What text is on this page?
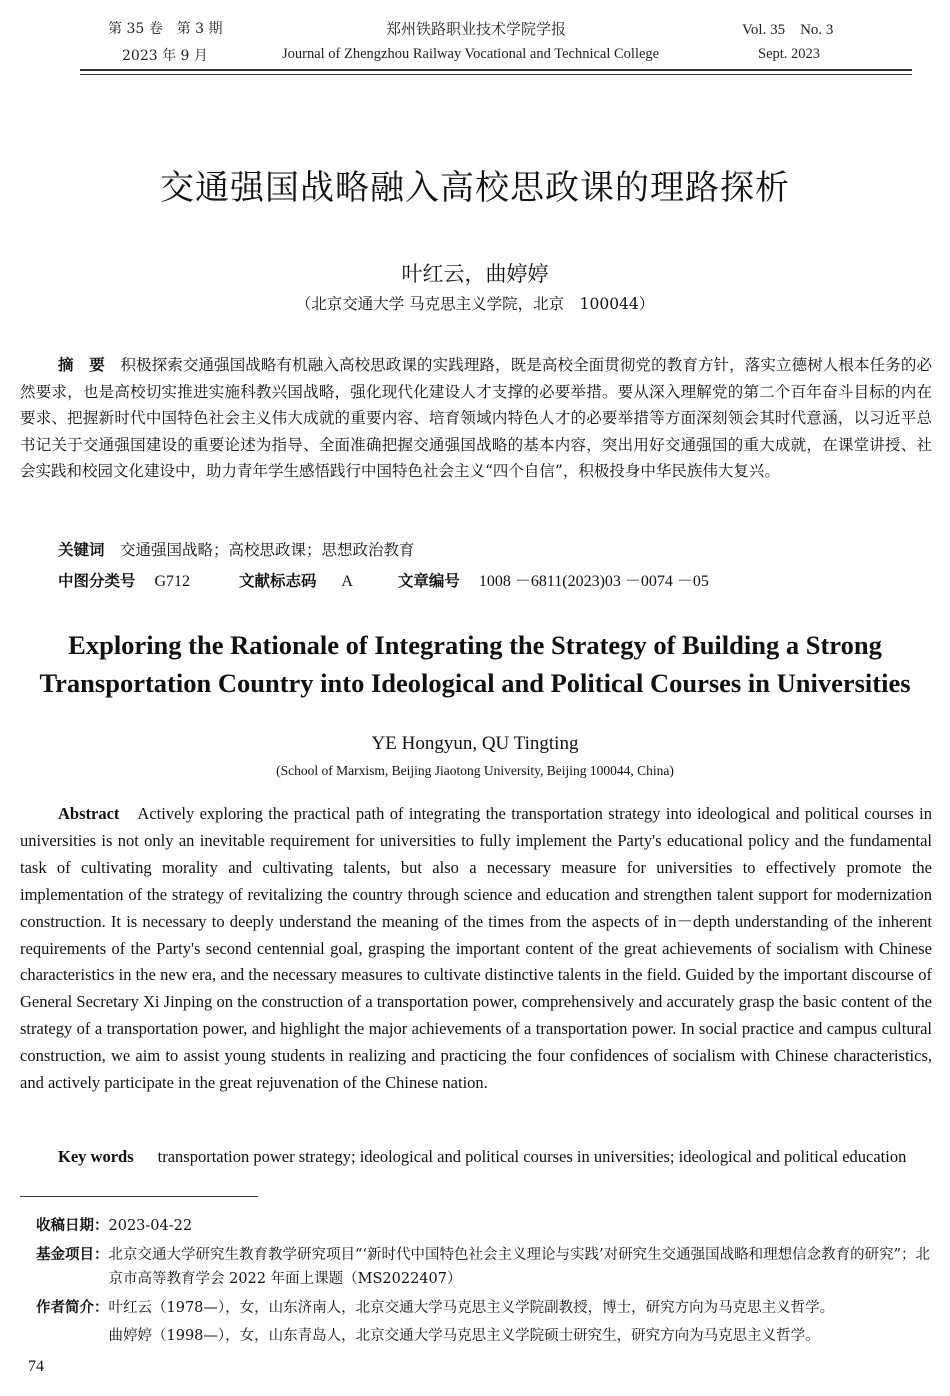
第 35 卷　第 3 期
2023 年 9 月
郑州铁路职业技术学院学报
Journal of Zhengzhou Railway Vocational and Technical College
Vol. 35　No. 3
Sept. 2023
交通强国战略融入高校思政课的理路探析
叶红云，曲婷婷
（北京交通大学 马克思主义学院，北京　100044）
摘　要　 积极探索交通强国战略有机融入高校思政课的实践理路，既是高校全面贯彻党的教育方针，落实立德树人根本任务的必然要求，也是高校切实推进实施科教兴国战略，强化现代化建设人才支撑的必要举措。要从深入理解党的第二个百年奋斗目标的内在要求、把握新时代中国特色社会主义伟大成就的重要内容、培育领域内特色人才的必要举措等方面深刻领会其时代意涵，以习近平总书记关于交通强国建设的重要论述为指导、全面准确把握交通强国战略的基本内容，突出用好交通强国的重大成就，在课堂讲授、社会实践和校园文化建设中，助力青年学生感悟践行中国特色社会主义“四个自信”，积极投身中华民族伟大复兴。
关键词　 交通强国战略；高校思政课；思想政治教育
中图分类号 G712	文献标志码 A	文章编号 1008 －6811(2023)03 －0074 －05
Exploring the Rationale of Integrating the Strategy of Building a Strong Transportation Country into Ideological and Political Courses in Universities
YE Hongyun, QU Tingting
(School of Marxism, Beijing Jiaotong University, Beijing 100044, China)
Abstract Actively exploring the practical path of integrating the transportation strategy into ideological and political courses in universities is not only an inevitable requirement for universities to fully implement the Party's educational policy and the fundamental task of cultivating morality and cultivating talents, but also a necessary measure for universities to effectively promote the implementation of the strategy of revitalizing the country through science and education and strengthen talent support for modernization construction. It is necessary to deeply understand the meaning of the times from the aspects of in－depth understanding of the inherent requirements of the Party's second centennial goal, grasping the important content of the great achievements of socialism with Chinese characteristics in the new era, and the necessary measures to cultivate distinctive talents in the field. Guided by the important discourse of General Secretary Xi Jinping on the construction of a transportation power, comprehensively and accurately grasp the basic content of the strategy of a transportation power, and highlight the major achievements of a transportation power. In social practice and campus cultural construction, we aim to assist young students in realizing and practicing the four confidences of socialism with Chinese characteristics, and actively participate in the great rejuvenation of the Chinese nation.
Key words transportation power strategy; ideological and political courses in universities; ideological and political education
收稿日期： 2023-04-22
基金项目： 北京交通大学研究生教育教学研究项目“‘新时代中国特色社会主义理论与实践’对研究生交通强国战略和理想信念教育的研究”；北京市高等教育学会 2022 年面上课题（MS2022407）
作者简介： 叶红云（1978—），女，山东济南人，北京交通大学马克思主义学院副教授，博士，研究方向为马克思主义哲学。
曲婷婷（1998—），女，山东青岛人，北京交通大学马克思主义学院硕士研究生，研究方向为马克思主义哲学。
74
